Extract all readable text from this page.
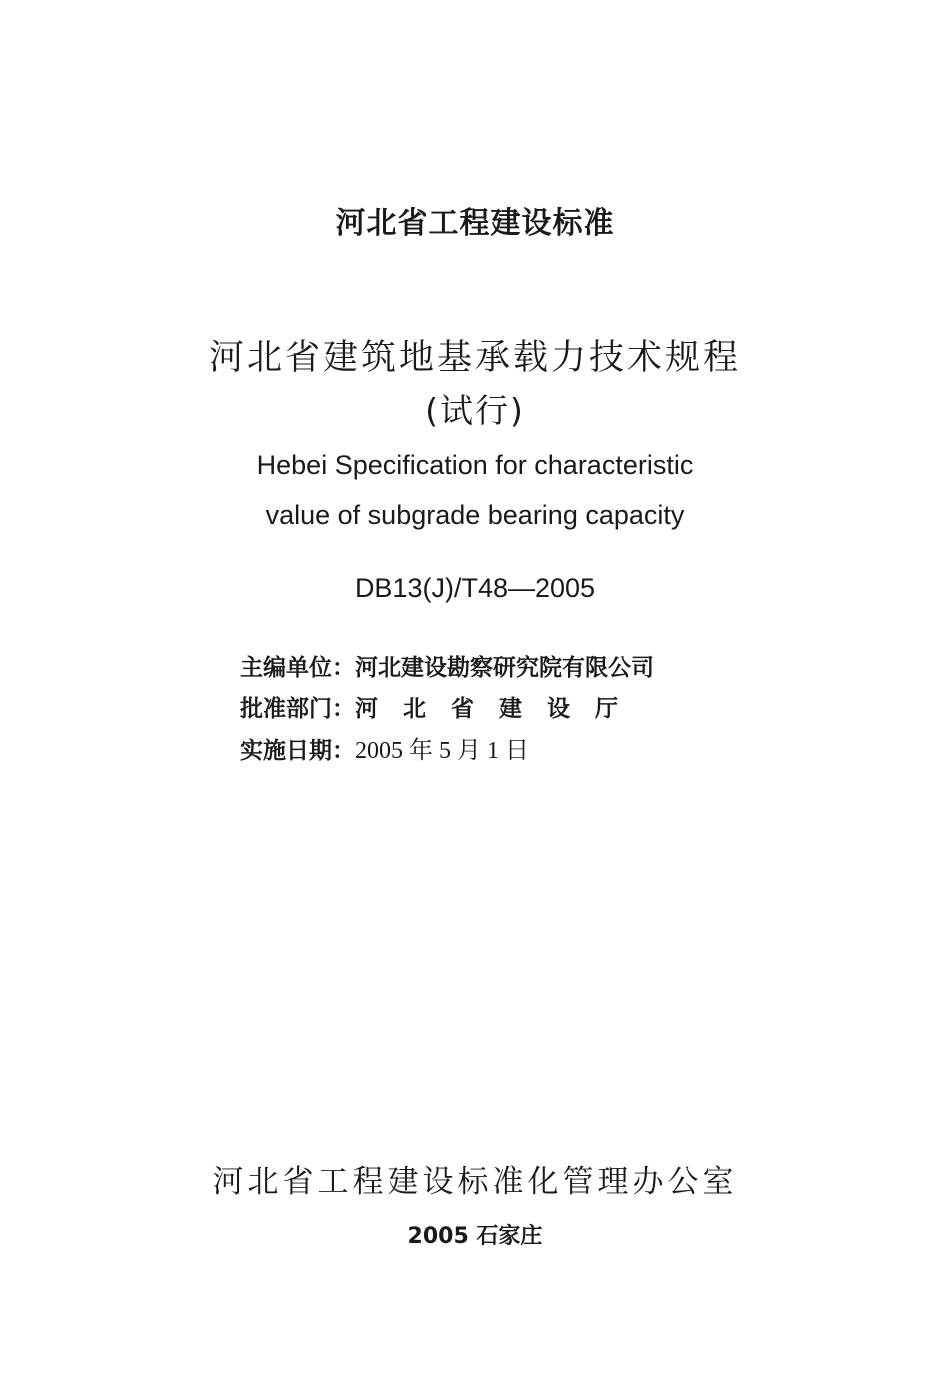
河北省工程建设标准
河北省建筑地基承载力技术规程
(试行)
Hebei Specification for characteristic
value of subgrade bearing capacity
DB13(J)/T48—2005
主编单位：河北建设勘察研究院有限公司
批准部门：河北省建设厅
实施日期：2005 年 5 月 1 日
河北省工程建设标准化管理办公室
2005 石家庄
